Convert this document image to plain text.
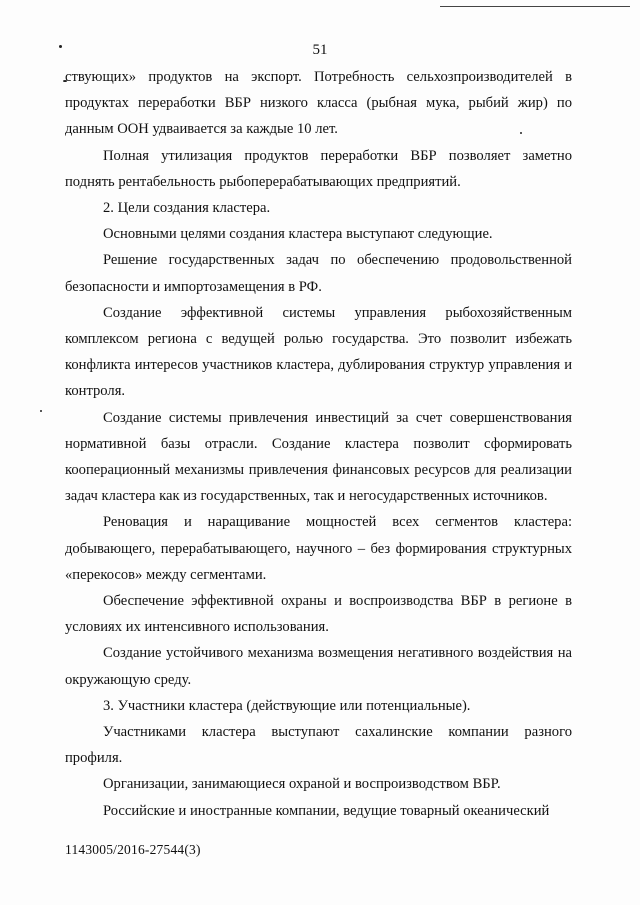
51

ствующих» продуктов на экспорт. Потребность сельхозпроизводителей в продуктах переработки ВБР низкого класса (рыбная мука, рыбий жир) по данным ООН удваивается за каждые 10 лет.

Полная утилизация продуктов переработки ВБР позволяет заметно поднять рентабельность рыбоперерабатывающих предприятий.

2. Цели создания кластера.

Основными целями создания кластера выступают следующие.

Решение государственных задач по обеспечению продовольственной безопасности и импортозамещения в РФ.

Создание эффективной системы управления рыбохозяйственным комплексом региона с ведущей ролью государства. Это позволит избежать конфликта интересов участников кластера, дублирования структур управления и контроля.

Создание системы привлечения инвестиций за счет совершенствования нормативной базы отрасли. Создание кластера позволит сформировать кооперационный механизмы привлечения финансовых ресурсов для реализации задач кластера как из государственных, так и негосударственных источников.

Реновация и наращивание мощностей всех сегментов кластера: добывающего, перерабатывающего, научного – без формирования структурных «перекосов» между сегментами.

Обеспечение эффективной охраны и воспроизводства ВБР в регионе в условиях их интенсивного использования.

Создание устойчивого механизма возмещения негативного воздействия на окружающую среду.

3. Участники кластера (действующие или потенциальные).

Участниками кластера выступают сахалинские компании разного профиля.

Организации, занимающиеся охраной и воспроизводством ВБР.

Российские и иностранные компании, ведущие товарный океанический

1143005/2016-27544(3)
